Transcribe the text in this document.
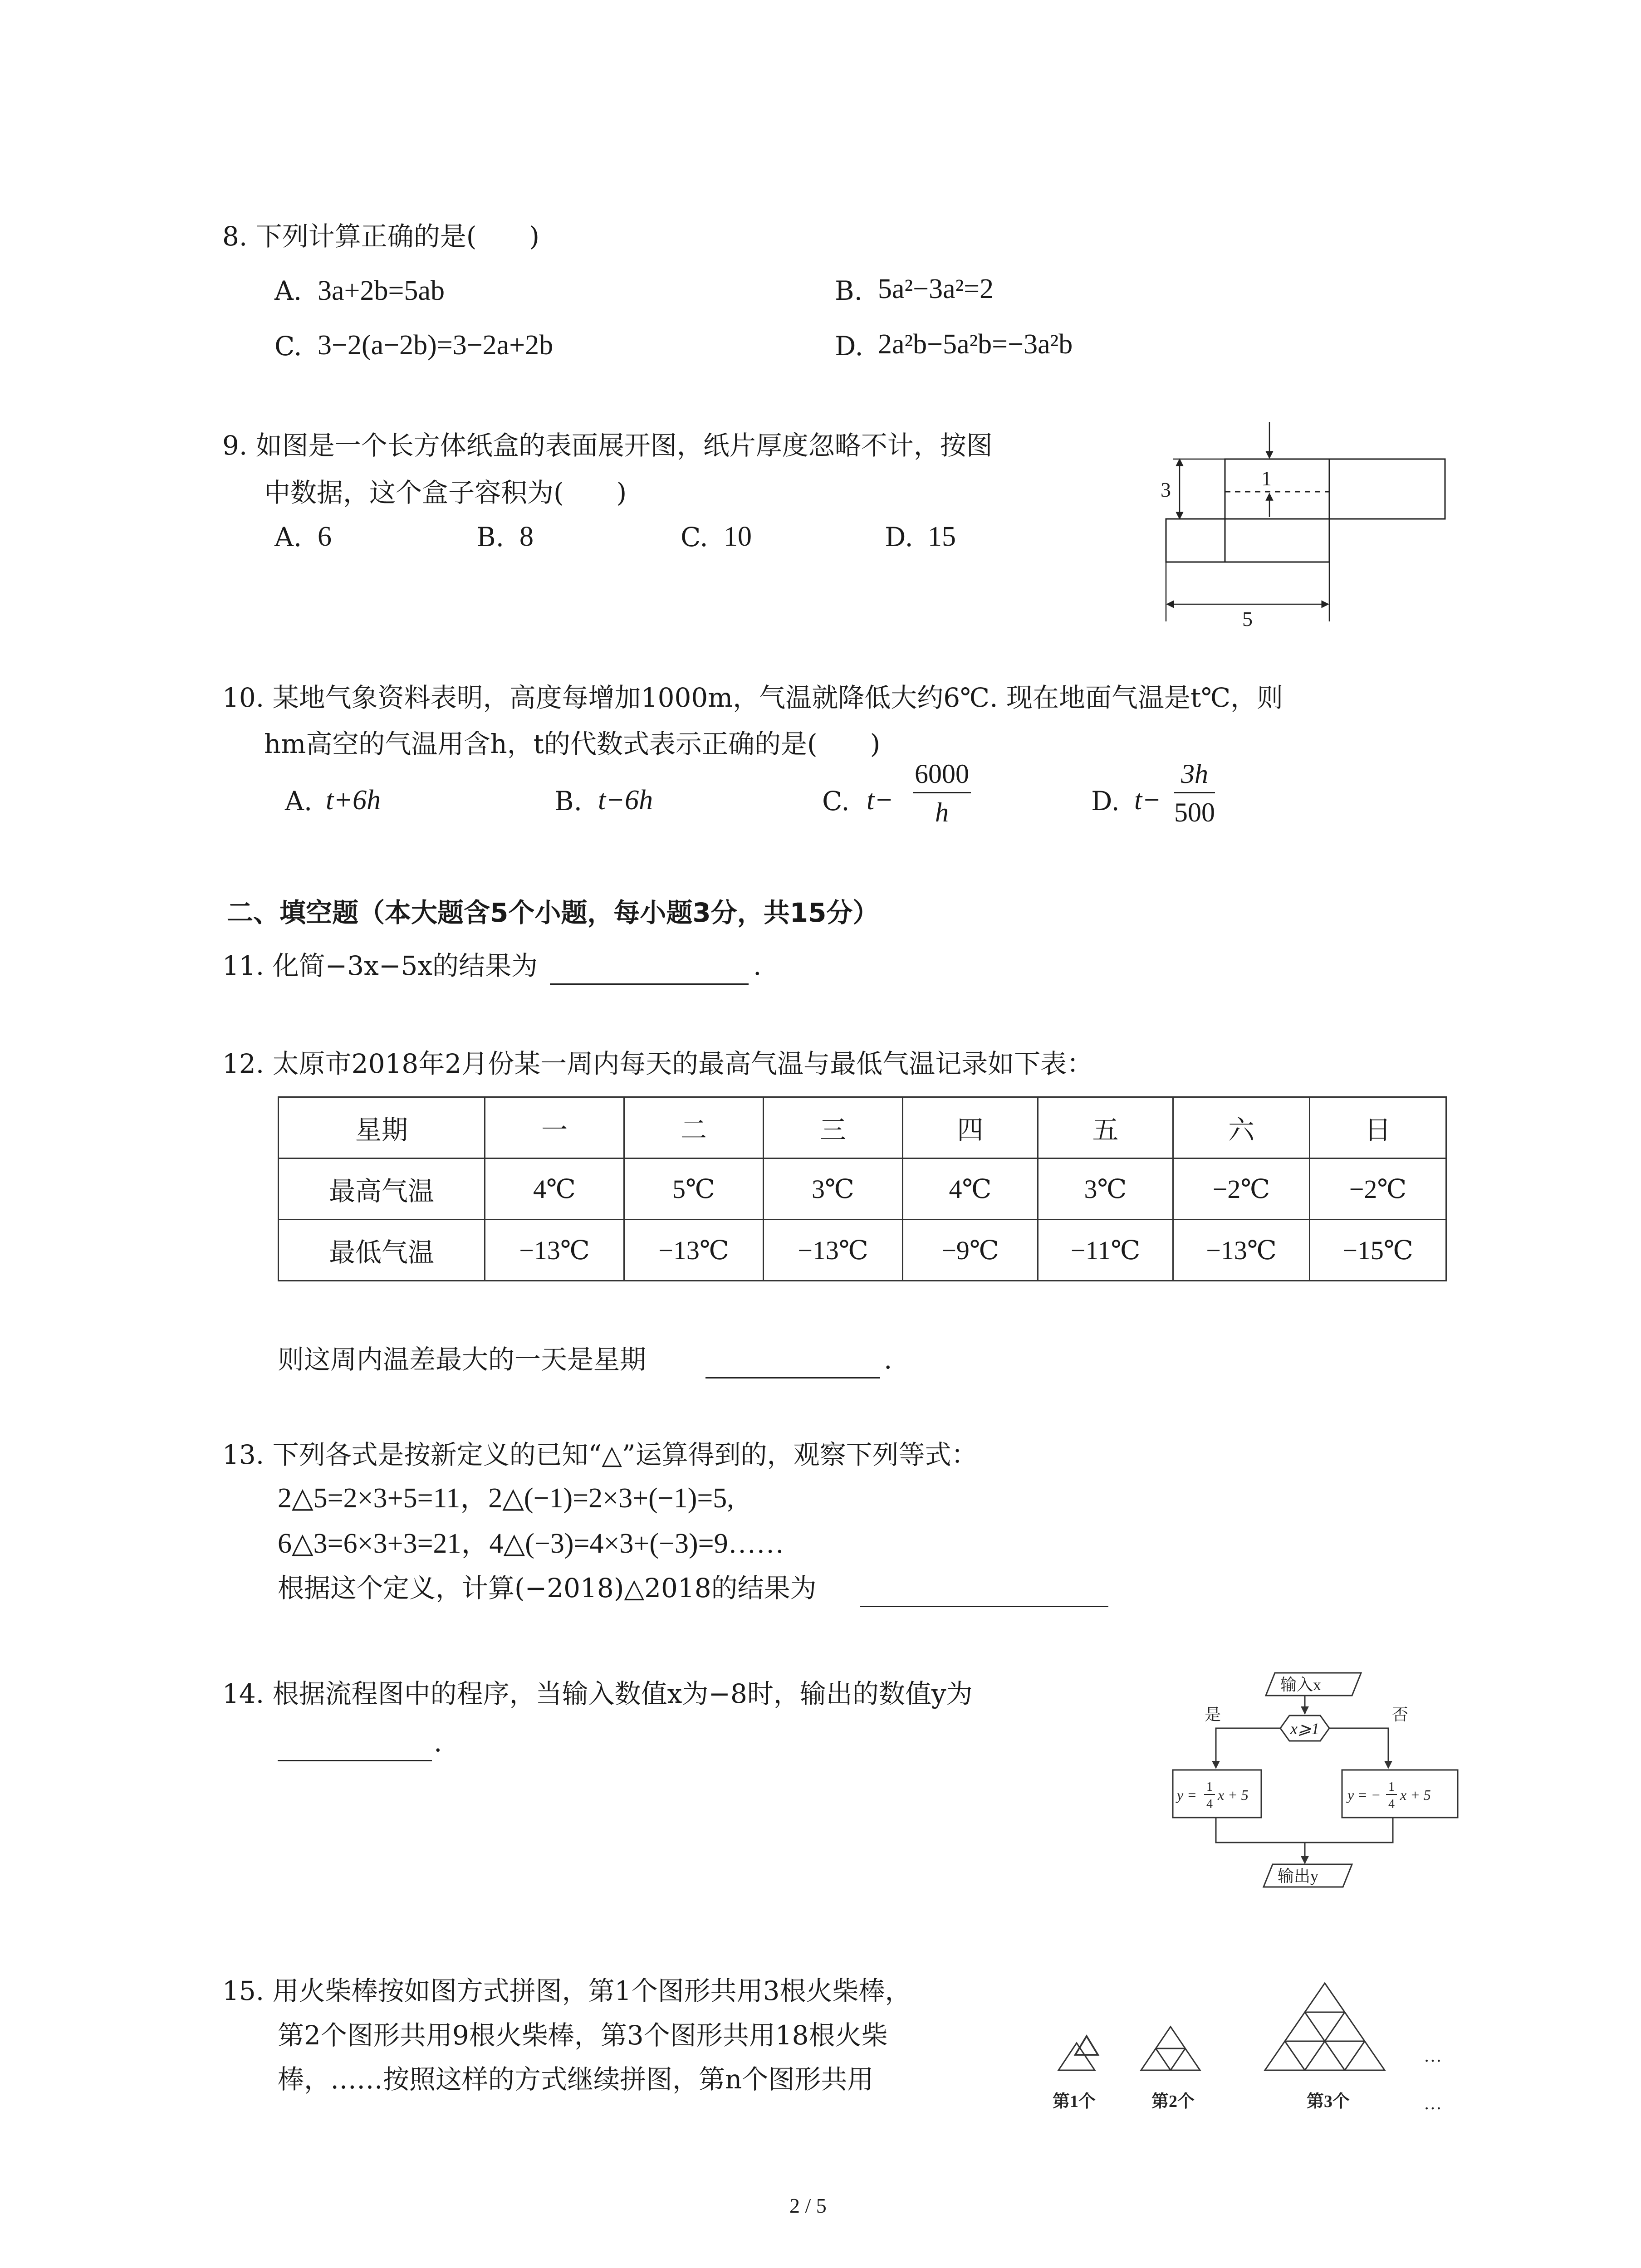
8. 下列计算正确的是(　　)
A. 3a+2b=5ab	B. 5a²−3a²=2
C. 3−2(a−2b)=3−2a+2b	D. 2a²b−5a²b=−3a²b
9. 如图是一个长方体纸盒的表面展开图，纸片厚度忽略不计，按图
中数据，这个盒子容积为(　　)
A. 6	B. 8	C. 10	D. 15
3	1
5
10. 某地气象资料表明，高度每增加1000m，气温就降低大约6℃. 现在地面气温是t℃，则
hm高空的气温用含h，t的代数式表示正确的是(　　)
A. t+6h	B. t−6h	C. $t- \frac{6000}{h}$	D. $t- \frac{3h}{500}$
二、填空题（本大题含5个小题，每小题3分，共15分）
11. 化简−3x−5x的结果为	.
12. 太原市2018年2月份某一周内每天的最高气温与最低气温记录如下表：
星期	一	二	三	四	五	六	日
最高气温	4℃	5℃	3℃	4℃	3℃	−2℃	−2℃
最低气温	−13℃	−13℃	−13℃	−9℃	−11℃	−13℃	−15℃
则这周内温差最大的一天是星期	.
13. 下列各式是按新定义的已知“△”运算得到的，观察下列等式：
2△5=2×3+5=11，2△(−1)=2×3+(−1)=5,
6△3=6×3+3=21，4△(−3)=4×3+(−3)=9……
根据这个定义，计算(−2018)△2018的结果为
14. 根据流程图中的程序，当输入数值x为−8时，输出的数值y为
.
输入x
x⩾1
是	否
y = 1
4
x + 5	y = − 1
4
x + 5
输出y
15. 用火柴棒按如图方式拼图，第1个图形共用3根火柴棒，
第2个图形共用9根火柴棒，第3个图形共用18根火柴
棒，……按照这样的方式继续拼图，第n个图形共用
第1个	第2个	第3个
…
…
2 / 5
